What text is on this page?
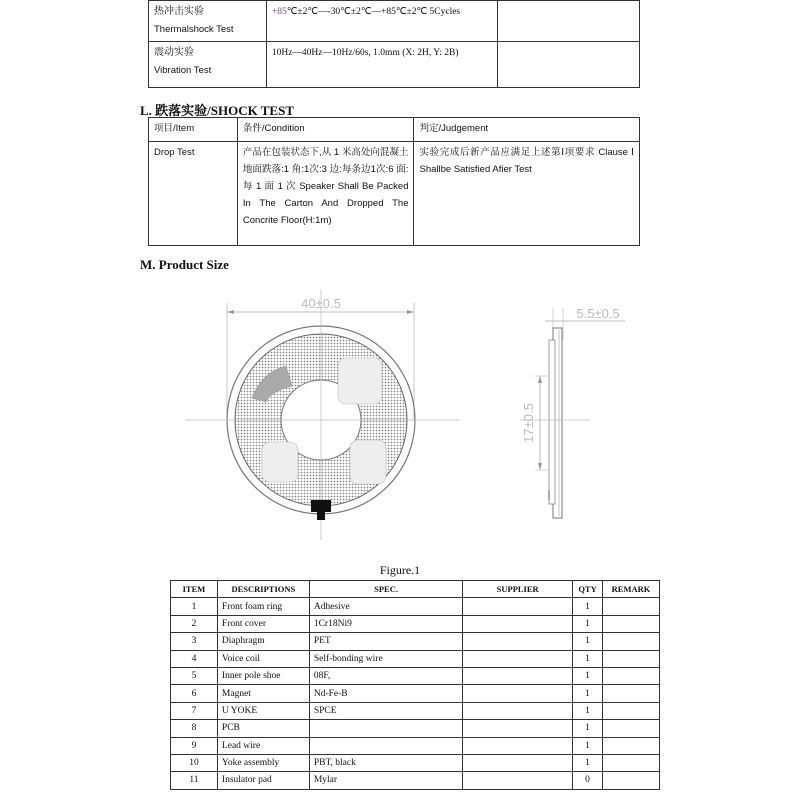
热冲击实验
Thermalshock Test	+85℃±2℃—-30℃±2℃—+85℃±2℃ 5Cycles	

震动实验
Vibration Test	10Hz—40Hz—10Hz/60s, 1.0mm (X: 2H, Y: 2B)	
L. 跌落实验/SHOCK TEST
项目/Item	条件/Condition	判定/Judgement
Drop Test	产品在包装状态下,从 1 米高处向混凝土地面跌落:1 角:1次:3 边:每条边1次:6 面: 每 1 面 1 次 Speaker Shall Be Packed In The Carton And Dropped The Concrite Floor(H:1m)	实验完成后新产品应满足上述第Ⅰ项要求 Clause Ⅰ Shallbe Satisfied Afier Test
M. Product Size
40±0.5
5.5±0.5
17±0.5
Figure.1
ITEM	DESCRIPTIONS	SPEC.	SUPPLIER	QTY	REMARK
1	Front foam ring	Adhesive		1	
2	Front cover	1Cr18Ni9		1	
3	Diaphragm	PET		1	
4	Voice coil	Self-bonding wire		1	
5	Inner pole shoe	08F,		1	
6	Magnet	Nd-Fe-B		1	
7	U YOKE	SPCE		1	
8	PCB			1	
9	Lead wire			1	
10	Yoke assembly	PBT, black		1	
11	Insulator pad	Mylar		0	
